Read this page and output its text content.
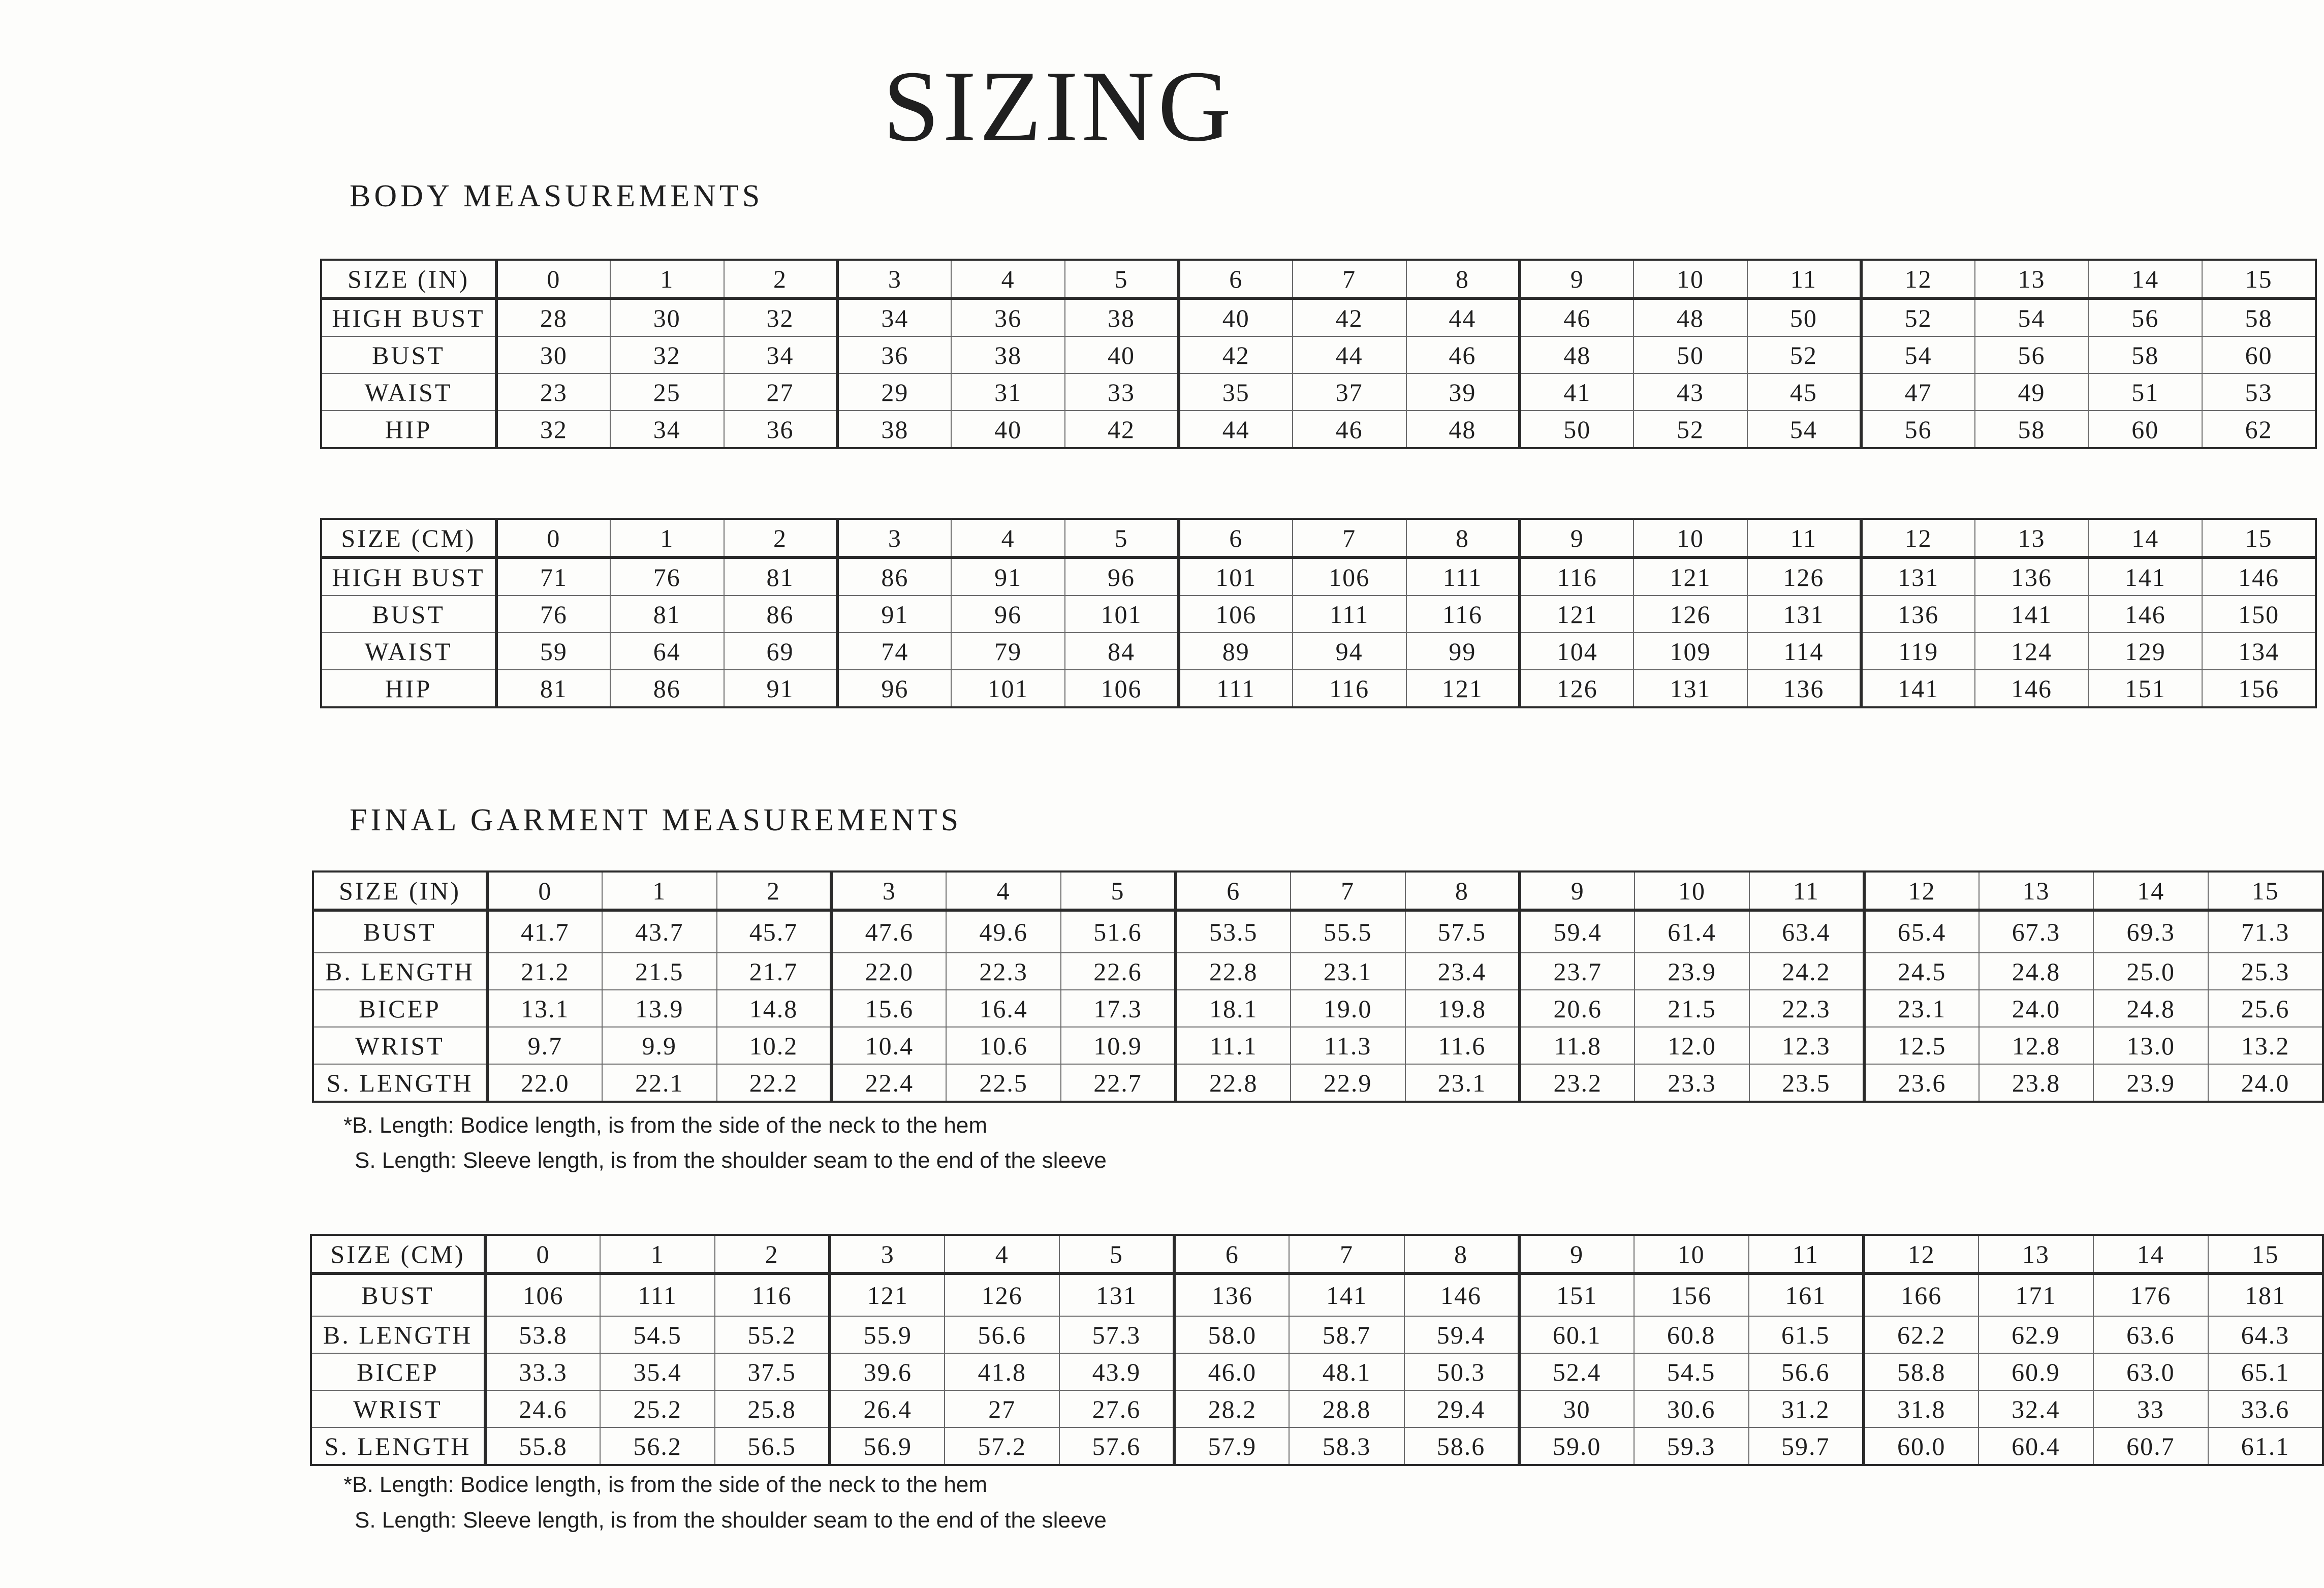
SIZING
BODY MEASUREMENTS
SIZE (IN)	0	1	2	3	4	5	6	7	8	9	10	11	12	13	14	15
HIGH BUST	28	30	32	34	36	38	40	42	44	46	48	50	52	54	56	58
BUST	30	32	34	36	38	40	42	44	46	48	50	52	54	56	58	60
WAIST	23	25	27	29	31	33	35	37	39	41	43	45	47	49	51	53
HIP	32	34	36	38	40	42	44	46	48	50	52	54	56	58	60	62
SIZE (CM)	0	1	2	3	4	5	6	7	8	9	10	11	12	13	14	15
HIGH BUST	71	76	81	86	91	96	101	106	111	116	121	126	131	136	141	146
BUST	76	81	86	91	96	101	106	111	116	121	126	131	136	141	146	150
WAIST	59	64	69	74	79	84	89	94	99	104	109	114	119	124	129	134
HIP	81	86	91	96	101	106	111	116	121	126	131	136	141	146	151	156
FINAL GARMENT MEASUREMENTS
SIZE (IN)	0	1	2	3	4	5	6	7	8	9	10	11	12	13	14	15
BUST	41.7	43.7	45.7	47.6	49.6	51.6	53.5	55.5	57.5	59.4	61.4	63.4	65.4	67.3	69.3	71.3
B. LENGTH	21.2	21.5	21.7	22.0	22.3	22.6	22.8	23.1	23.4	23.7	23.9	24.2	24.5	24.8	25.0	25.3
BICEP	13.1	13.9	14.8	15.6	16.4	17.3	18.1	19.0	19.8	20.6	21.5	22.3	23.1	24.0	24.8	25.6
WRIST	9.7	9.9	10.2	10.4	10.6	10.9	11.1	11.3	11.6	11.8	12.0	12.3	12.5	12.8	13.0	13.2
S. LENGTH	22.0	22.1	22.2	22.4	22.5	22.7	22.8	22.9	23.1	23.2	23.3	23.5	23.6	23.8	23.9	24.0

*B. Length: Bodice length, is from the side of the neck to the hem

S. Length: Sleeve length, is from the shoulder seam to the end of the sleeve

SIZE (CM)	0	1	2	3	4	5	6	7	8	9	10	11	12	13	14	15
BUST	106	111	116	121	126	131	136	141	146	151	156	161	166	171	176	181
B. LENGTH	53.8	54.5	55.2	55.9	56.6	57.3	58.0	58.7	59.4	60.1	60.8	61.5	62.2	62.9	63.6	64.3
BICEP	33.3	35.4	37.5	39.6	41.8	43.9	46.0	48.1	50.3	52.4	54.5	56.6	58.8	60.9	63.0	65.1
WRIST	24.6	25.2	25.8	26.4	27	27.6	28.2	28.8	29.4	30	30.6	31.2	31.8	32.4	33	33.6
S. LENGTH	55.8	56.2	56.5	56.9	57.2	57.6	57.9	58.3	58.6	59.0	59.3	59.7	60.0	60.4	60.7	61.1

*B. Length: Bodice length, is from the side of the neck to the hem

S. Length: Sleeve length, is from the shoulder seam to the end of the sleeve
